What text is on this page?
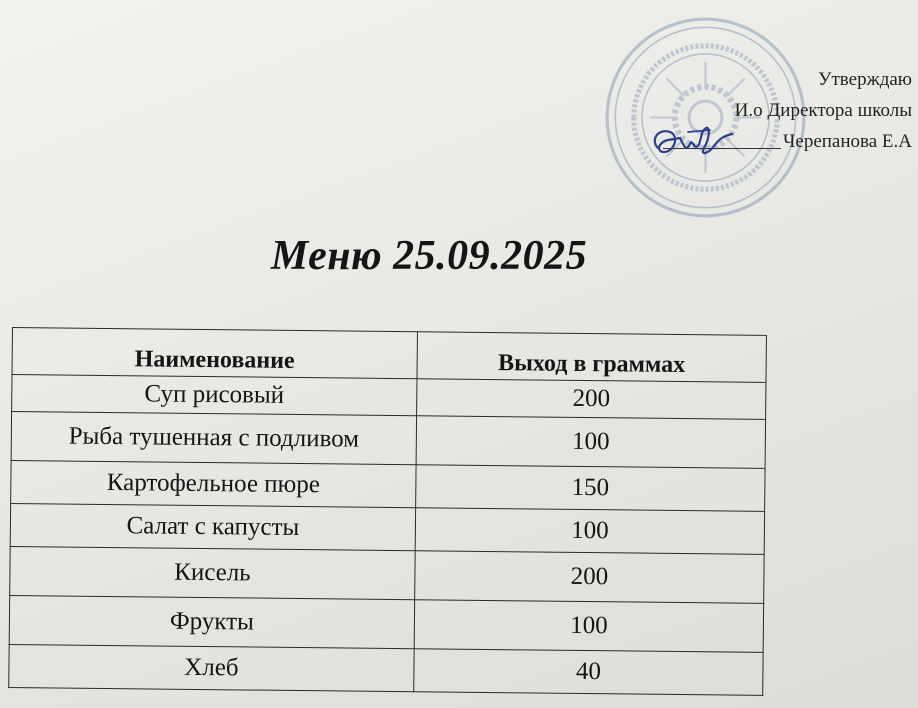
Утверждаю
И.о Директора школы
Черепанова Е.А
Меню 25.09.2025
Наименование	Выход в граммах
Суп рисовый	200
Рыба тушенная с подливом	100
Картофельное пюре	150
Салат с капусты	100
Кисель	200
Фрукты	100
Хлеб	40
